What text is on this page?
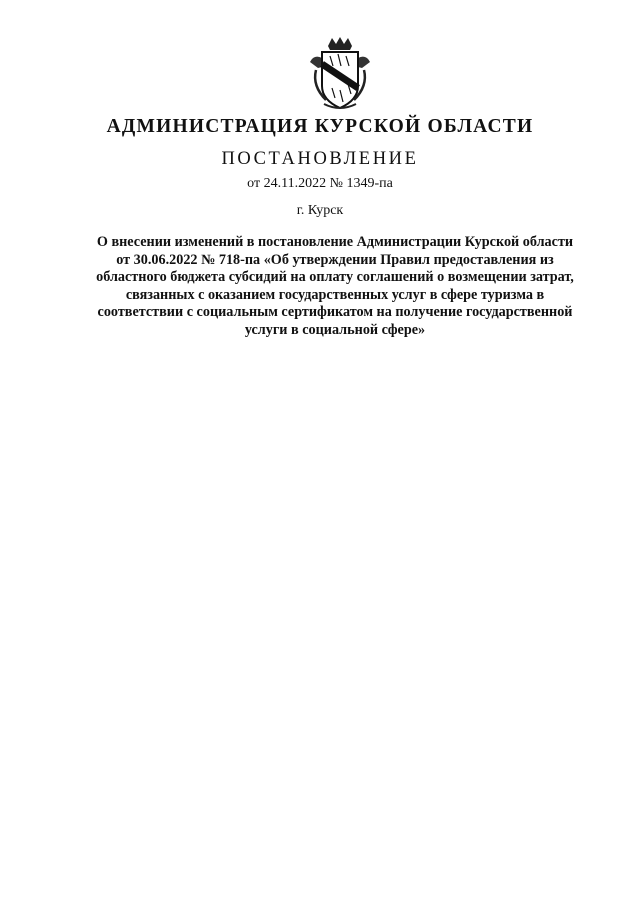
АДМИНИСТРАЦИЯ КУРСКОЙ ОБЛАСТИ
ПОСТАНОВЛЕНИЕ
от 24.11.2022 № 1349-па
г. Курск
О внесении изменений в постановление Администрации Курской области от 30.06.2022 № 718-па «Об утверждении Правил предоставления из областного бюджета субсидий на оплату соглашений о возмещении затрат, связанных с оказанием государственных услуг в сфере туризма в соответствии с социальным сертификатом на получение государственной услуги в социальной сфере»
